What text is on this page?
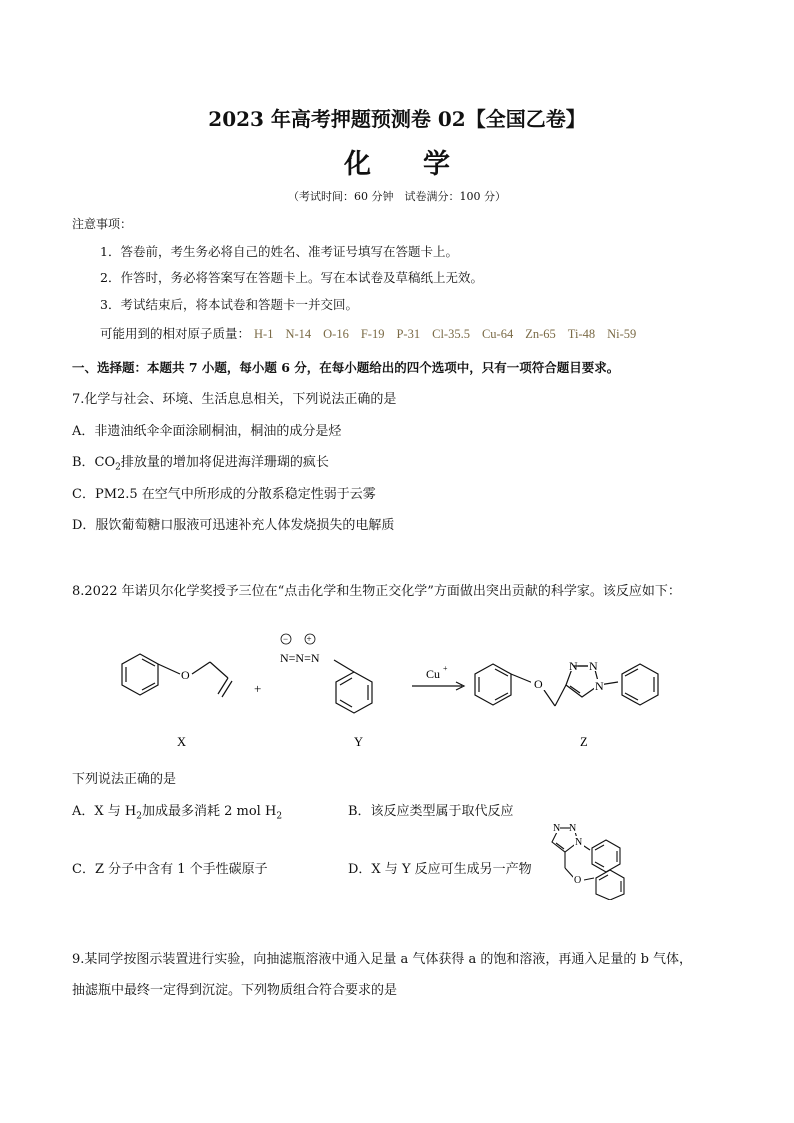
2023 年高考押题预测卷 02【全国乙卷】
化学
（考试时间：60 分钟　试卷满分：100 分）
注意事项：
1．答卷前，考生务必将自己的姓名、准考证号填写在答题卡上。
2．作答时，务必将答案写在答题卡上。写在本试卷及草稿纸上无效。
3．考试结束后，将本试卷和答题卡一并交回。
可能用到的相对原子质量： H-1 N-14 O-16 F-19 P-31 Cl-35.5 Cu-64 Zn-65 Ti-48 Ni-59
一、选择题：本题共 7 小题，每小题 6 分，在每小题给出的四个选项中，只有一项符合题目要求。
7.化学与社会、环境、生活息息相关，下列说法正确的是
A．非遗油纸伞伞面涂刷桐油，桐油的成分是烃
B．$CO_2$排放量的增加将促进海洋珊瑚的疯长
C．PM2.5 在空气中所形成的分散系稳定性弱于云雾
D．服饮葡萄糖口服液可迅速补充人体发烧损失的电解质
8.2022 年诺贝尔化学奖授予三位在“点击化学和生物正交化学”方面做出突出贡献的科学家。该反应如下：
O
+
N=N=N
− +
Cu +
O
N N
N
X	Y	Z
下列说法正确的是
A．X 与 $H_2$加成最多消耗 2 mol $H_2$	B．该反应类型属于取代反应
C．Z 分子中含有 1 个手性碳原子	D．X 与 Y 反应可生成另一产物
N N
N
O
9.某同学按图示装置进行实验，向抽滤瓶溶液中通入足量 a 气体获得 a 的饱和溶液，再通入足量的 b 气体，
抽滤瓶中最终一定得到沉淀。下列物质组合符合要求的是
